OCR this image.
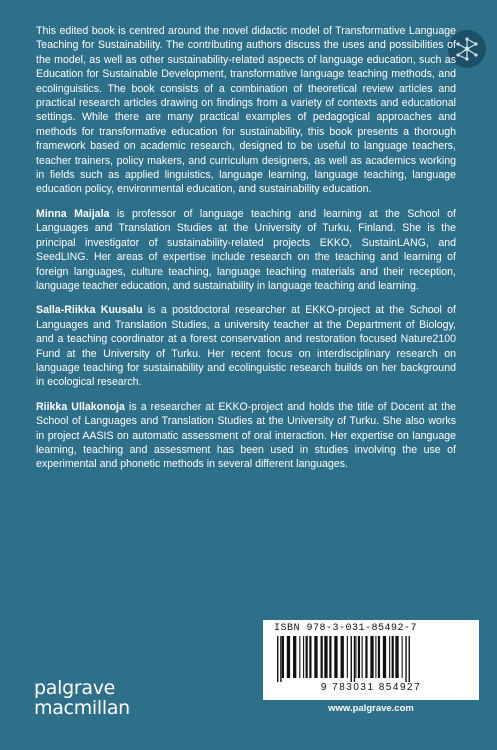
This edited book is centred around the novel didactic model of Transformative Language Teaching for Sustainability. The contributing authors discuss the uses and possibilities of the model, as well as other sustainability-related aspects of language education, such as Education for Sustainable Development, transformative language teaching methods, and ecolinguistics. The book consists of a combination of theoretical review articles and practical research articles drawing on findings from a variety of contexts and educational settings. While there are many practical examples of pedagogical approaches and methods for transformative education for sustainability, this book presents a thorough framework based on academic research, designed to be useful to language teachers, teacher trainers, policy makers, and curriculum designers, as well as academics working in fields such as applied linguistics, language learning, language teaching, language education policy, environmental education, and sustainability education.

Minna Maijala is professor of language teaching and learning at the School of Languages and Translation Studies at the University of Turku, Finland. She is the principal investigator of sustainability-related projects EKKO, SustainLANG, and SeedLING. Her areas of expertise include research on the teaching and learning of foreign languages, culture teaching, language teaching materials and their reception, language teacher education, and sustainability in language teaching and learning.

Salla-Riikka Kuusalu is a postdoctoral researcher at EKKO-project at the School of Languages and Translation Studies, a university teacher at the Department of Biology, and a teaching coordinator at a forest conservation and restoration focused Nature2100 Fund at the University of Turku. Her recent focus on interdisciplinary research on language teaching for sustainability and ecolinguistic research builds on her background in ecological research.

Riikka Ullakonoja is a researcher at EKKO-project and holds the title of Docent at the School of Languages and Translation Studies at the University of Turku. She also works in project AASIS on automatic assessment of oral interaction. Her expertise on language learning, teaching and assessment has been used in studies involving the use of experimental and phonetic methods in several different languages.

ISBN 978-3-031-85492-7
9 783031 854927
www.palgrave.com
palgrave
macmillan
